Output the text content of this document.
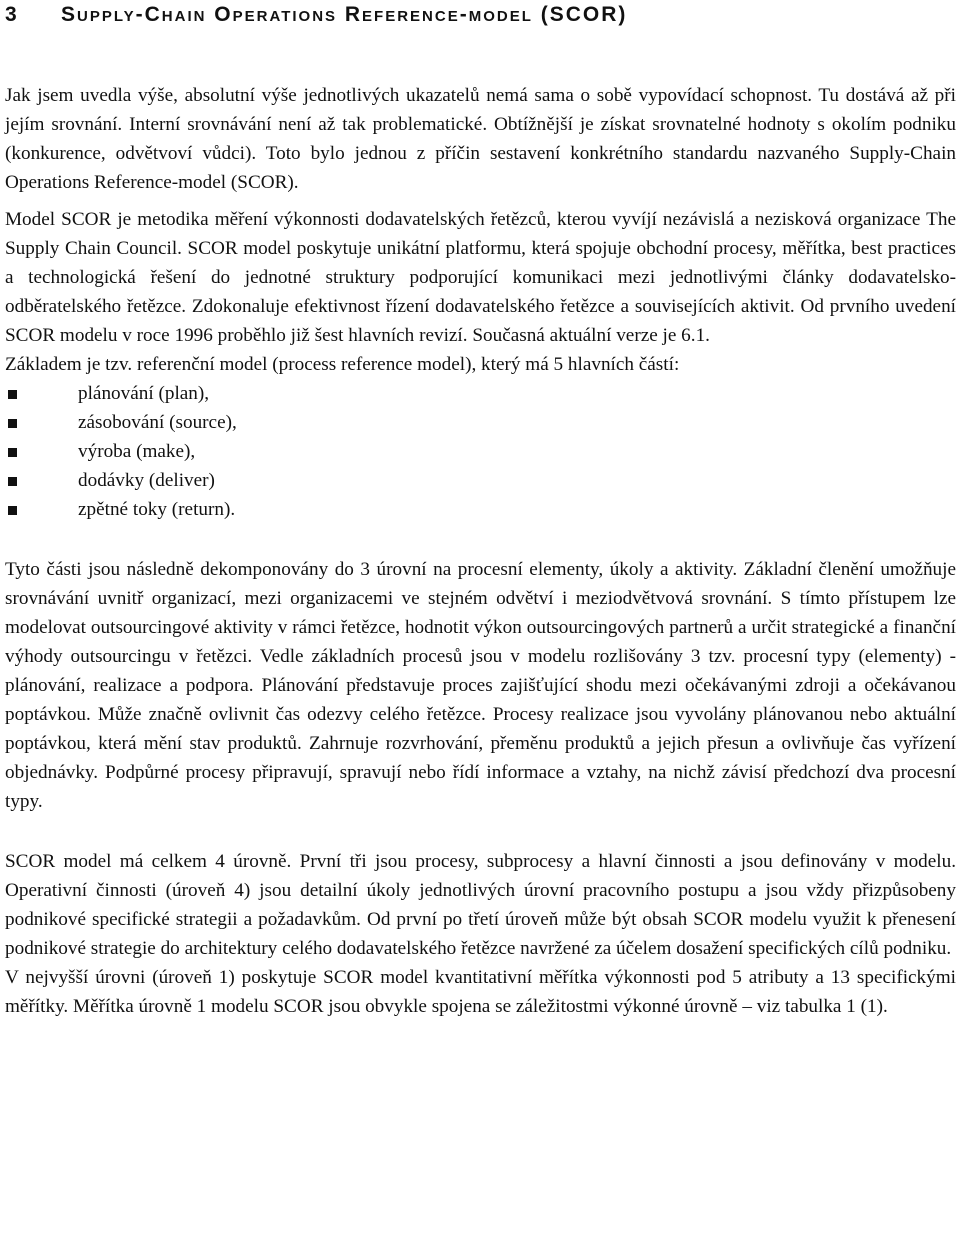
3 Supply-Chain Operations Reference-model (SCOR)

Jak jsem uvedla výše, absolutní výše jednotlivých ukazatelů nemá sama o sobě vypovídací schopnost. Tu dostává až při jejím srovnání. Interní srovnávání není až tak problematické. Obtížnější je získat srovnatelné hodnoty s okolím podniku (konkurence, odvětvoví vůdci). Toto bylo jednou z příčin sestavení konkrétního standardu nazvaného Supply-Chain Operations Reference-model (SCOR).

Model SCOR je metodika měření výkonnosti dodavatelských řetězců, kterou vyvíjí nezávislá a nezisková organizace The Supply Chain Council. SCOR model poskytuje unikátní platformu, která spojuje obchodní procesy, měřítka, best practices a technologická řešení do jednotné struktury podporující komunikaci mezi jednotlivými články dodavatelsko-odběratelského řetězce. Zdokonaluje efektivnost řízení dodavatelského řetězce a souvisejících aktivit. Od prvního uvedení SCOR modelu v roce 1996 proběhlo již šest hlavních revizí. Současná aktuální verze je 6.1.

Základem je tzv. referenční model (process reference model), který má 5 hlavních částí:

plánování (plan),
zásobování (source),
výroba (make),
dodávky (deliver)
zpětné toky (return).

Tyto části jsou následně dekomponovány do 3 úrovní na procesní elementy, úkoly a aktivity. Základní členění umožňuje srovnávání uvnitř organizací, mezi organizacemi ve stejném odvětví i meziodvětvová srovnání. S tímto přístupem lze modelovat outsourcingové aktivity v rámci řetězce, hodnotit výkon outsourcingových partnerů a určit strategické a finanční výhody outsourcingu v řetězci. Vedle základních procesů jsou v modelu rozlišovány 3 tzv. procesní typy (elementy) - plánování, realizace a podpora. Plánování představuje proces zajišťující shodu mezi očekávanými zdroji a očekávanou poptávkou. Může značně ovlivnit čas odezvy celého řetězce. Procesy realizace jsou vyvolány plánovanou nebo aktuální poptávkou, která mění stav produktů. Zahrnuje rozvrhování, přeměnu produktů a jejich přesun a ovlivňuje čas vyřízení objednávky. Podpůrné procesy připravují, spravují nebo řídí informace a vztahy, na nichž závisí předchozí dva procesní typy.

SCOR model má celkem 4 úrovně. První tři jsou procesy, subprocesy a hlavní činnosti a jsou definovány v modelu. Operativní činnosti (úroveň 4) jsou detailní úkoly jednotlivých úrovní pracovního postupu a jsou vždy přizpůsobeny podnikové specifické strategii a požadavkům. Od první po třetí úroveň může být obsah SCOR modelu využit k přenesení podnikové strategie do architektury celého dodavatelského řetězce navržené za účelem dosažení specifických cílů podniku.

V nejvyšší úrovni (úroveň 1) poskytuje SCOR model kvantitativní měřítka výkonnosti pod 5 atributy a 13 specifickými měřítky. Měřítka úrovně 1 modelu SCOR jsou obvykle spojena se záležitostmi výkonné úrovně – viz tabulka 1 (1).
